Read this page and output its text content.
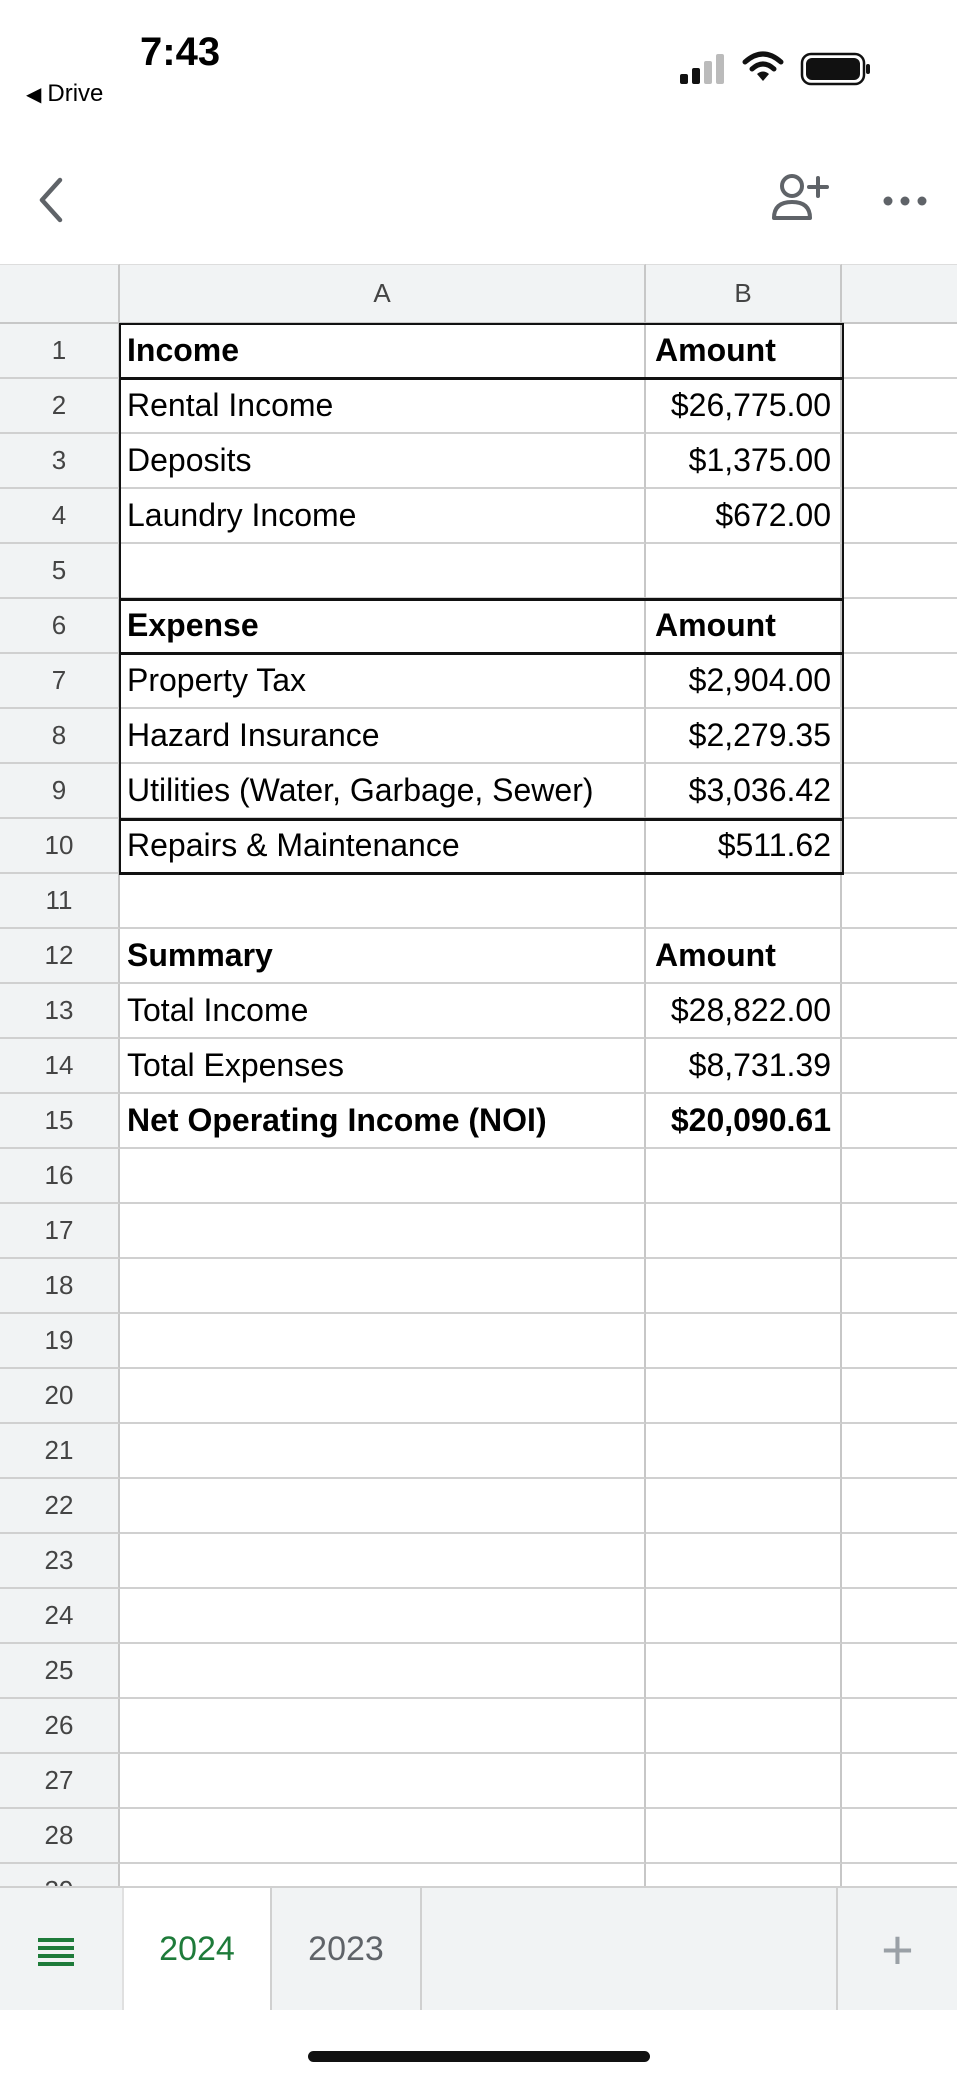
7:43
◀ Drive
A	B
1	Income	Amount
2	Rental Income	$26,775.00
3	Deposits	$1,375.00
4	Laundry Income	$672.00
5
6	Expense	Amount
7	Property Tax	$2,904.00
8	Hazard Insurance	$2,279.35
9	Utilities (Water, Garbage, Sewer)	$3,036.42
10	Repairs & Maintenance	$511.62
11
12	Summary	Amount
13	Total Income	$28,822.00
14	Total Expenses	$8,731.39
15	Net Operating Income (NOI)	$20,090.61
16
17
18
19
20
21
22
23
24
25
26
27
28
2024	2023	+
